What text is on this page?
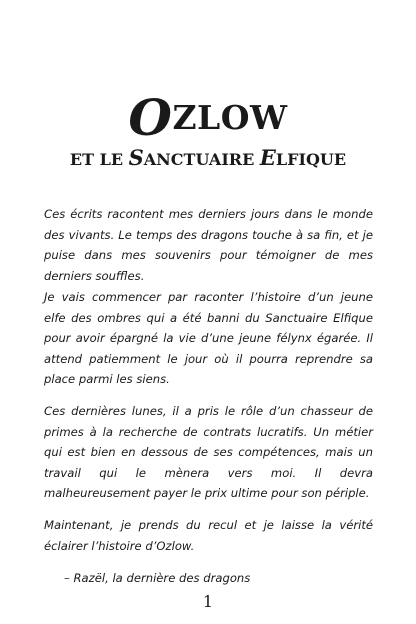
OZLOW
ET LE SANCTUAIRE ELFIQUE

Ces écrits racontent mes derniers jours dans le monde des vivants. Le temps des dragons touche à sa fin, et je puise dans mes souvenirs pour témoigner de mes derniers souffles.

Je vais commencer par raconter l’histoire d’un jeune elfe des ombres qui a été banni du Sanctuaire Elfique pour avoir épargné la vie d’une jeune félynx égarée. Il attend patiemment le jour où il pourra reprendre sa place parmi les siens.

Ces dernières lunes, il a pris le rôle d’un chasseur de primes à la recherche de contrats lucratifs. Un métier qui est bien en dessous de ses compétences, mais un travail qui le mènera vers moi. Il devra malheureusement payer le prix ultime pour son périple.

Maintenant, je prends du recul et je laisse la vérité éclairer l’histoire d’Ozlow.

– Razël, la dernière des dragons

1
